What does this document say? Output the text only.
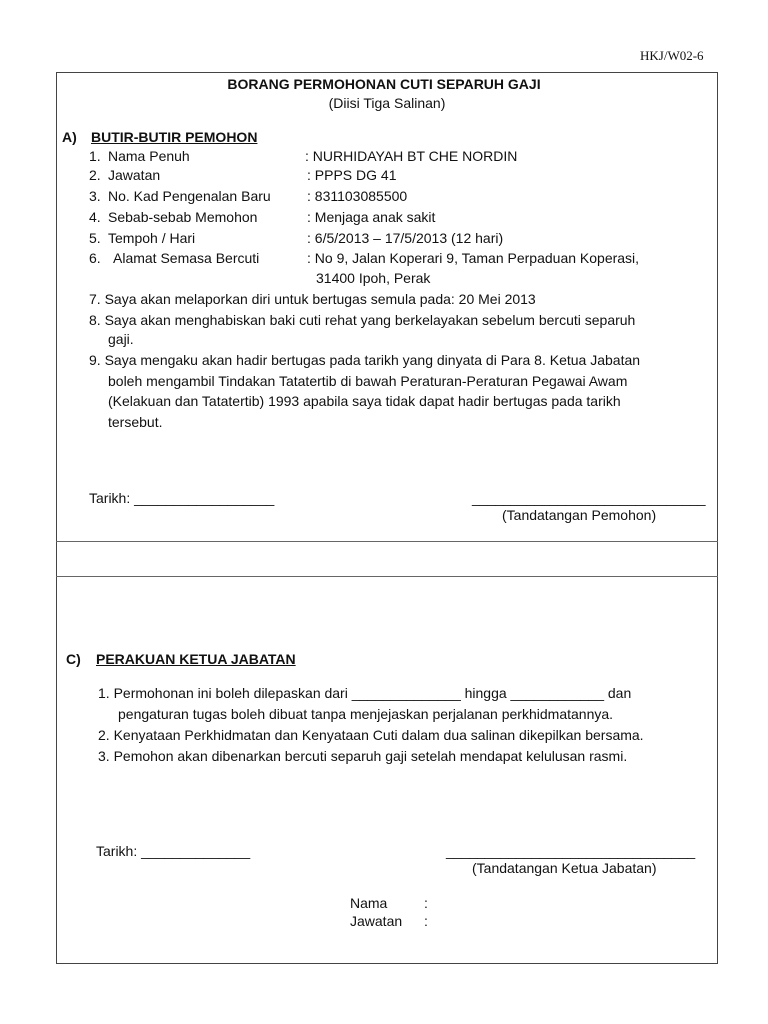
HKJ/W02-6
BORANG PERMOHONAN CUTI SEPARUH GAJI
(Diisi Tiga Salinan)
A) BUTIR-BUTIR PEMOHON
1. Nama Penuh	: NURHIDAYAH BT CHE NORDIN
2. Jawatan	: PPPS DG 41
3. No. Kad Pengenalan Baru	: 831103085500
4. Sebab-sebab Memohon	: Menjaga anak sakit
5. Tempoh / Hari	: 6/5/2013 – 17/5/2013 (12 hari)
6. Alamat Semasa Bercuti	: No 9, Jalan Koperari 9, Taman Perpaduan Koperasi,
31400 Ipoh, Perak
7. Saya akan melaporkan diri untuk bertugas semula pada: 20 Mei 2013
8. Saya akan menghabiskan baki cuti rehat yang berkelayakan sebelum bercuti separuh
gaji.
9. Saya mengaku akan hadir bertugas pada tarikh yang dinyata di Para 8. Ketua Jabatan
boleh mengambil Tindakan Tatatertib di bawah Peraturan-Peraturan Pegawai Awam
(Kelakuan dan Tatatertib) 1993 apabila saya tidak dapat hadir bertugas pada tarikh
tersebut.
Tarikh: __________________	______________________________
(Tandatangan Pemohon)
C) PERAKUAN KETUA JABATAN
1. Permohonan ini boleh dilepaskan dari ______________ hingga ____________ dan
pengaturan tugas boleh dibuat tanpa menjejaskan perjalanan perkhidmatannya.
2. Kenyataan Perkhidmatan dan Kenyataan Cuti dalam dua salinan dikepilkan bersama.
3. Pemohon akan dibenarkan bercuti separuh gaji setelah mendapat kelulusan rasmi.
Tarikh: ______________	________________________________
(Tandatangan Ketua Jabatan)
Nama	:
Jawatan :
